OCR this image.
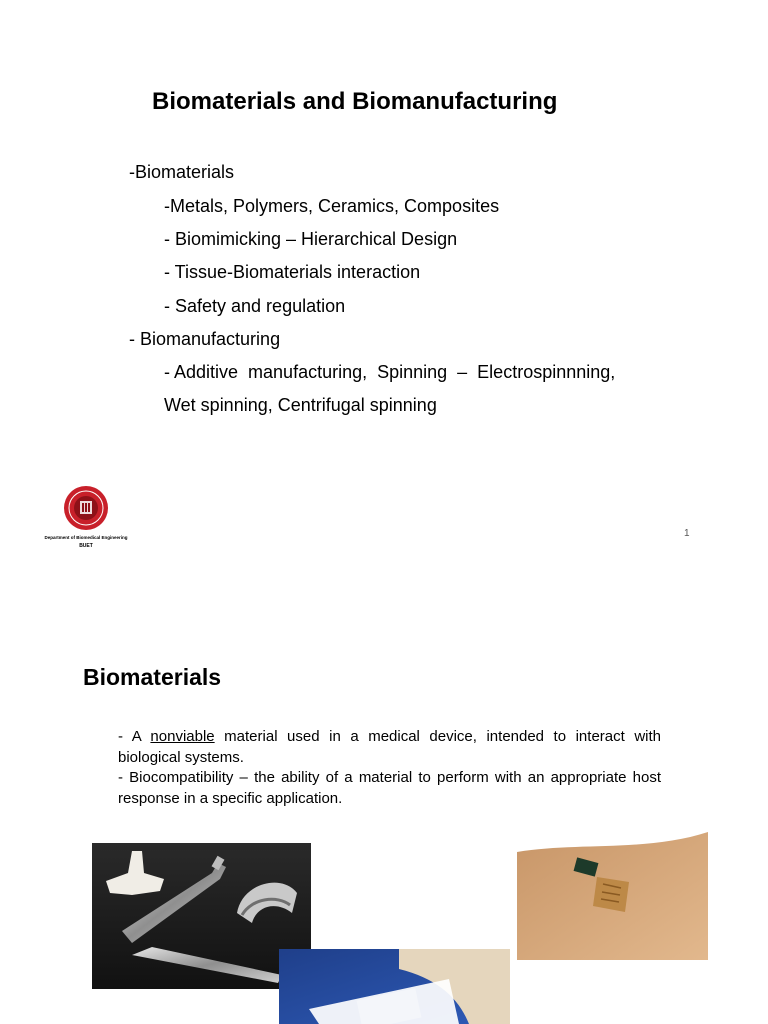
Biomaterials and Biomanufacturing
-Biomaterials
-Metals, Polymers, Ceramics, Composites
- Biomimicking – Hierarchical Design
- Tissue-Biomaterials interaction
- Safety and regulation
- Biomanufacturing
- Additive  manufacturing,  Spinning  –  Electrospinnning,
Wet spinning, Centrifugal spinning
Department of Biomedical Engineering
BUET
1
Biomaterials
- A nonviable material used in a medical device, intended to interact with biological systems.
- Biocompatibility – the ability of a material to perform with an appropriate host response in a specific application.
